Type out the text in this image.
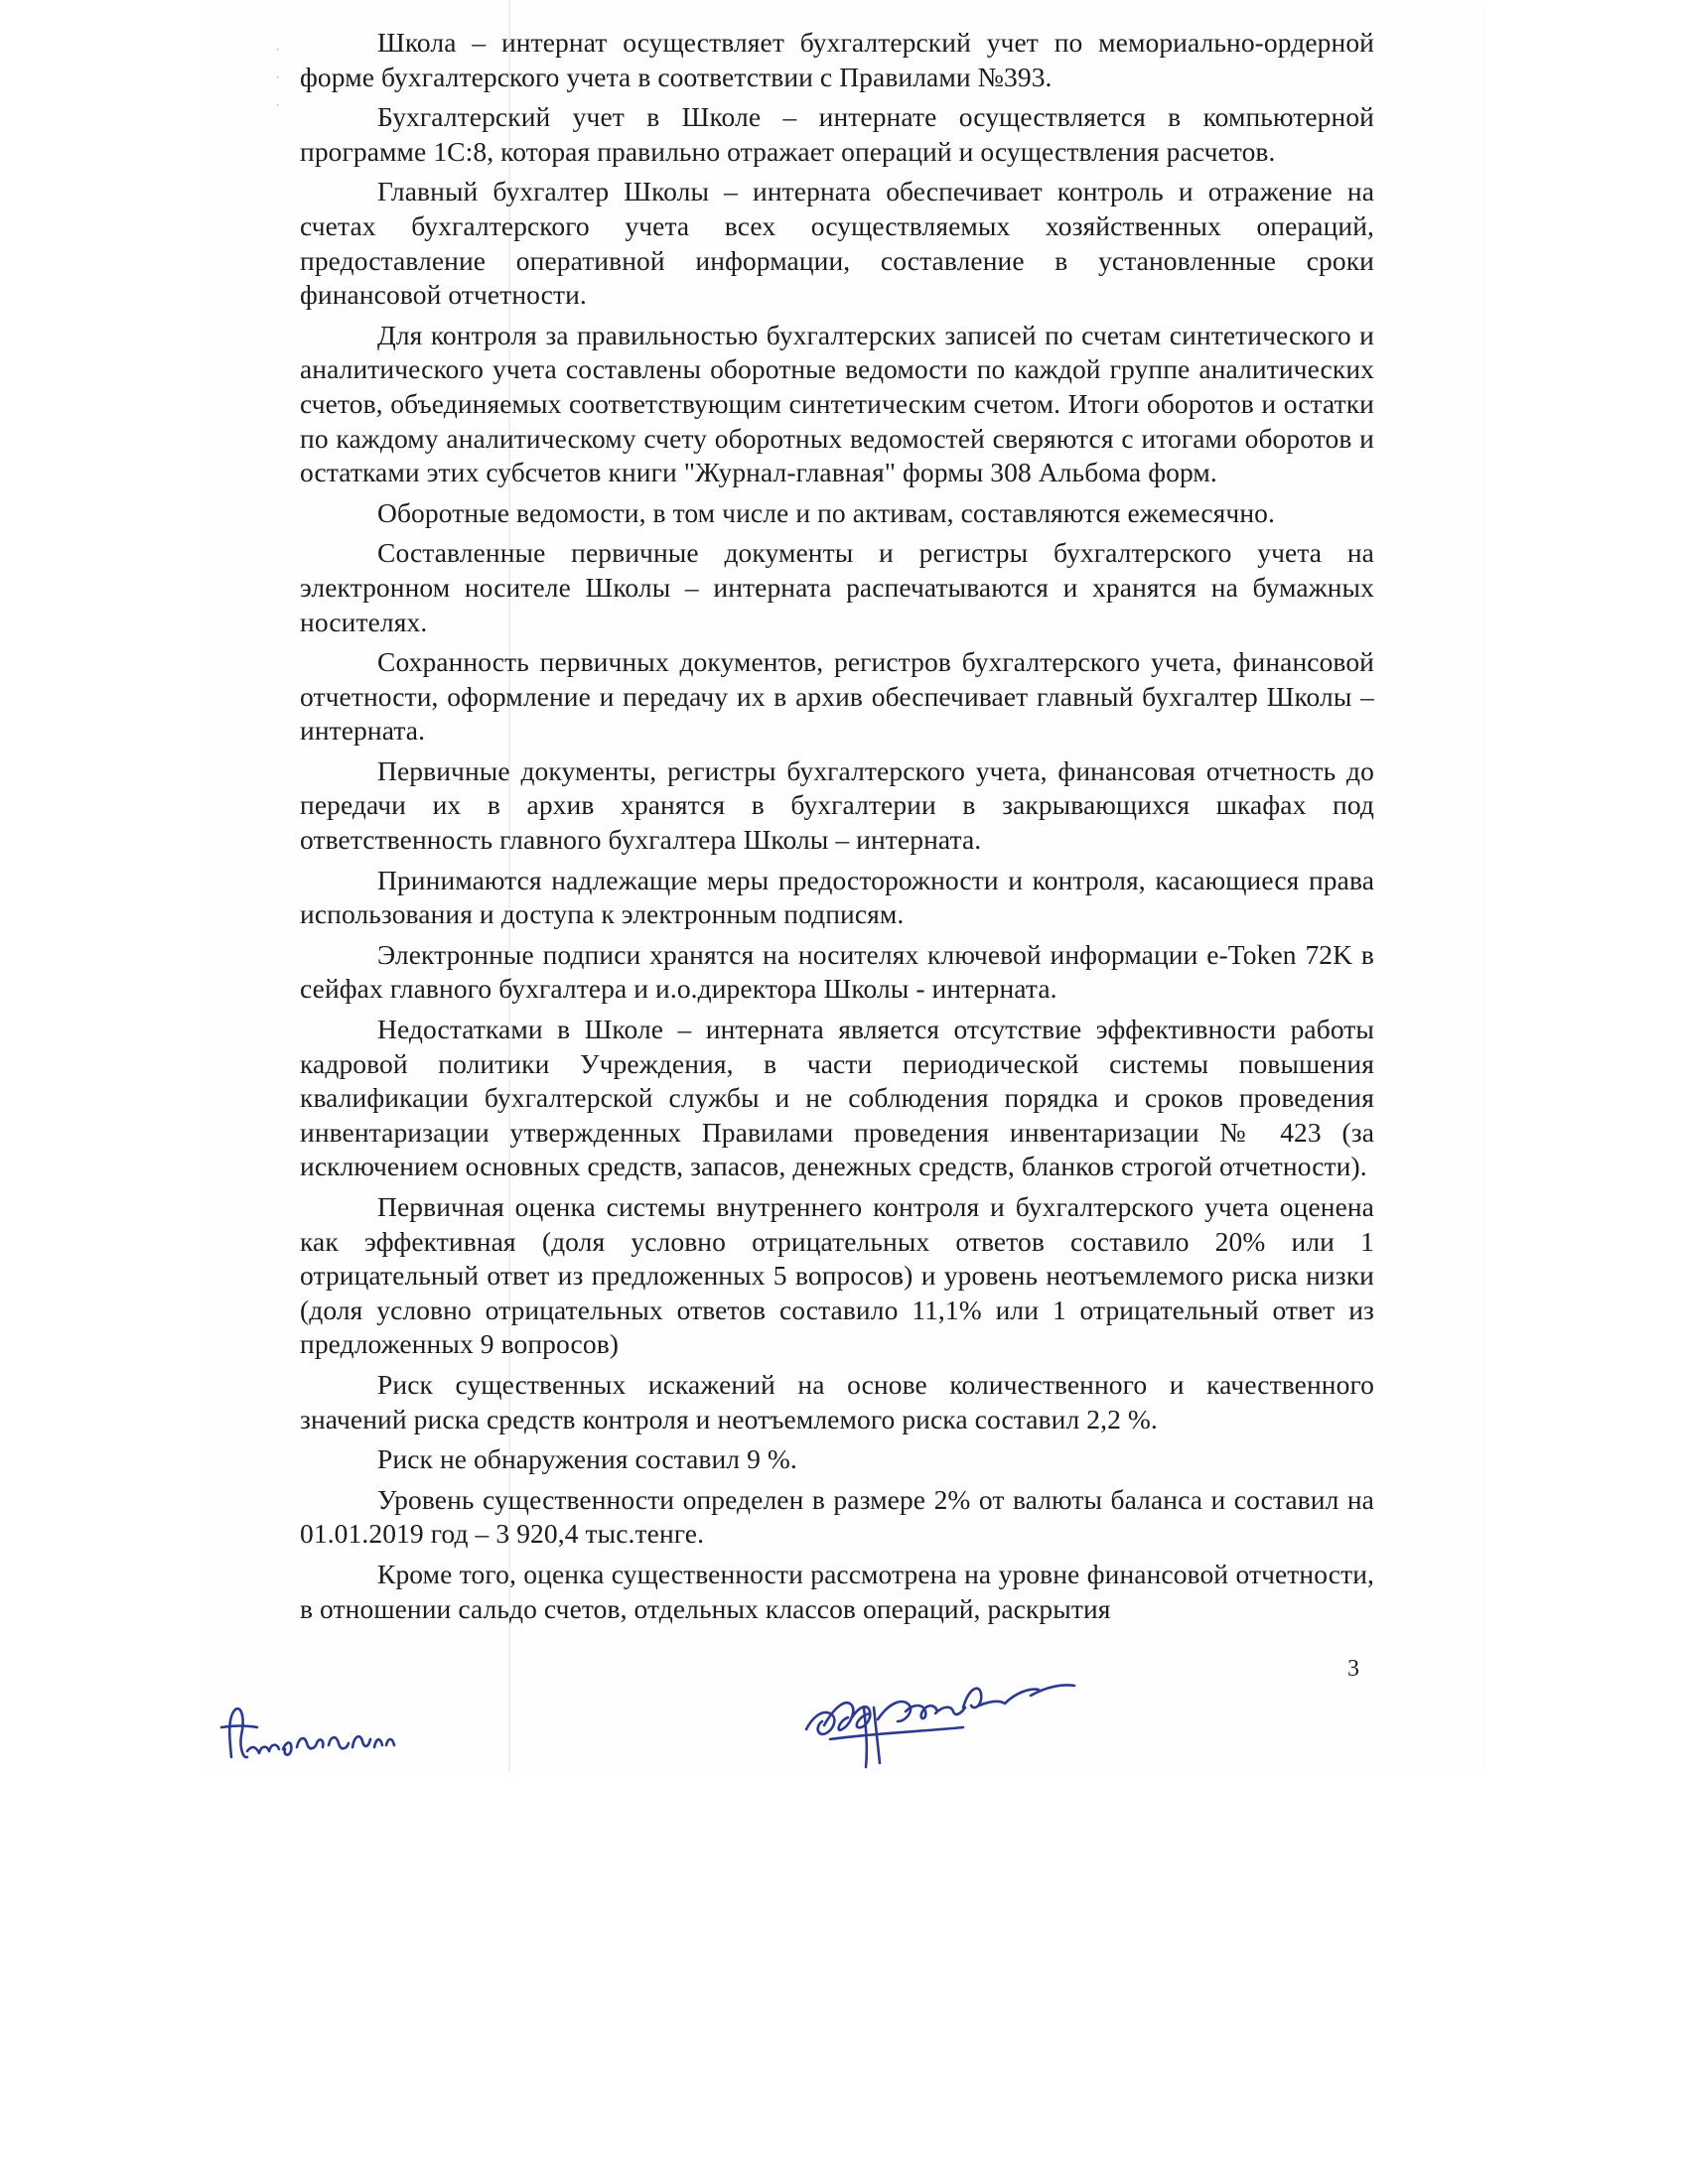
·
·
·

Школа – интернат осуществляет бухгалтерский учет по мемориально-ордерной форме бухгалтерского учета в соответствии с Правилами №393.

Бухгалтерский учет в Школе – интернате осуществляется в компьютерной программе 1С:8, которая правильно отражает операций и осуществления расчетов.

Главный бухгалтер Школы – интерната обеспечивает контроль и отражение на счетах бухгалтерского учета всех осуществляемых хозяйственных операций, предоставление оперативной информации, составление в установленные сроки финансовой отчетности.

Для контроля за правильностью бухгалтерских записей по счетам синтетического и аналитического учета составлены оборотные ведомости по каждой группе аналитических счетов, объединяемых соответствующим синтетическим счетом. Итоги оборотов и остатки по каждому аналитическому счету оборотных ведомостей сверяются с итогами оборотов и остатками этих субсчетов книги "Журнал-главная" формы 308 Альбома форм.

Оборотные ведомости, в том числе и по активам, составляются ежемесячно.

Составленные первичные документы и регистры бухгалтерского учета на электронном носителе Школы – интерната распечатываются и хранятся на бумажных носителях.

Сохранность первичных документов, регистров бухгалтерского учета, финансовой отчетности, оформление и передачу их в архив обеспечивает главный бухгалтер Школы – интерната.

Первичные документы, регистры бухгалтерского учета, финансовая отчетность до передачи их в архив хранятся в бухгалтерии в закрывающихся шкафах под ответственность главного бухгалтера Школы – интерната.

Принимаются надлежащие меры предосторожности и контроля, касающиеся права использования и доступа к электронным подписям.

Электронные подписи хранятся на носителях ключевой информации e-Token 72K в сейфах главного бухгалтера и и.о.директора Школы - интерната.

Недостатками в Школе – интерната является отсутствие эффективности работы кадровой политики Учреждения, в части периодической системы повышения квалификации бухгалтерской службы и не соблюдения порядка и сроков проведения инвентаризации утвержденных Правилами проведения инвентаризации № 423 (за исключением основных средств, запасов, денежных средств, бланков строгой отчетности).

Первичная оценка системы внутреннего контроля и бухгалтерского учета оценена как эффективная (доля условно отрицательных ответов составило 20% или 1 отрицательный ответ из предложенных 5 вопросов) и уровень неотъемлемого риска низки (доля условно отрицательных ответов составило 11,1% или 1 отрицательный ответ из предложенных 9 вопросов)

Риск существенных искажений на основе количественного и качественного значений риска средств контроля и неотъемлемого риска составил 2,2 %.

Риск не обнаружения составил 9 %.

Уровень существенности определен в размере 2% от валюты баланса и составил на 01.01.2019 год – 3 920,4 тыс.тенге.

Кроме того, оценка существенности рассмотрена на уровне финансовой отчетности, в отношении сальдо счетов, отдельных классов операций, раскрытия

3
